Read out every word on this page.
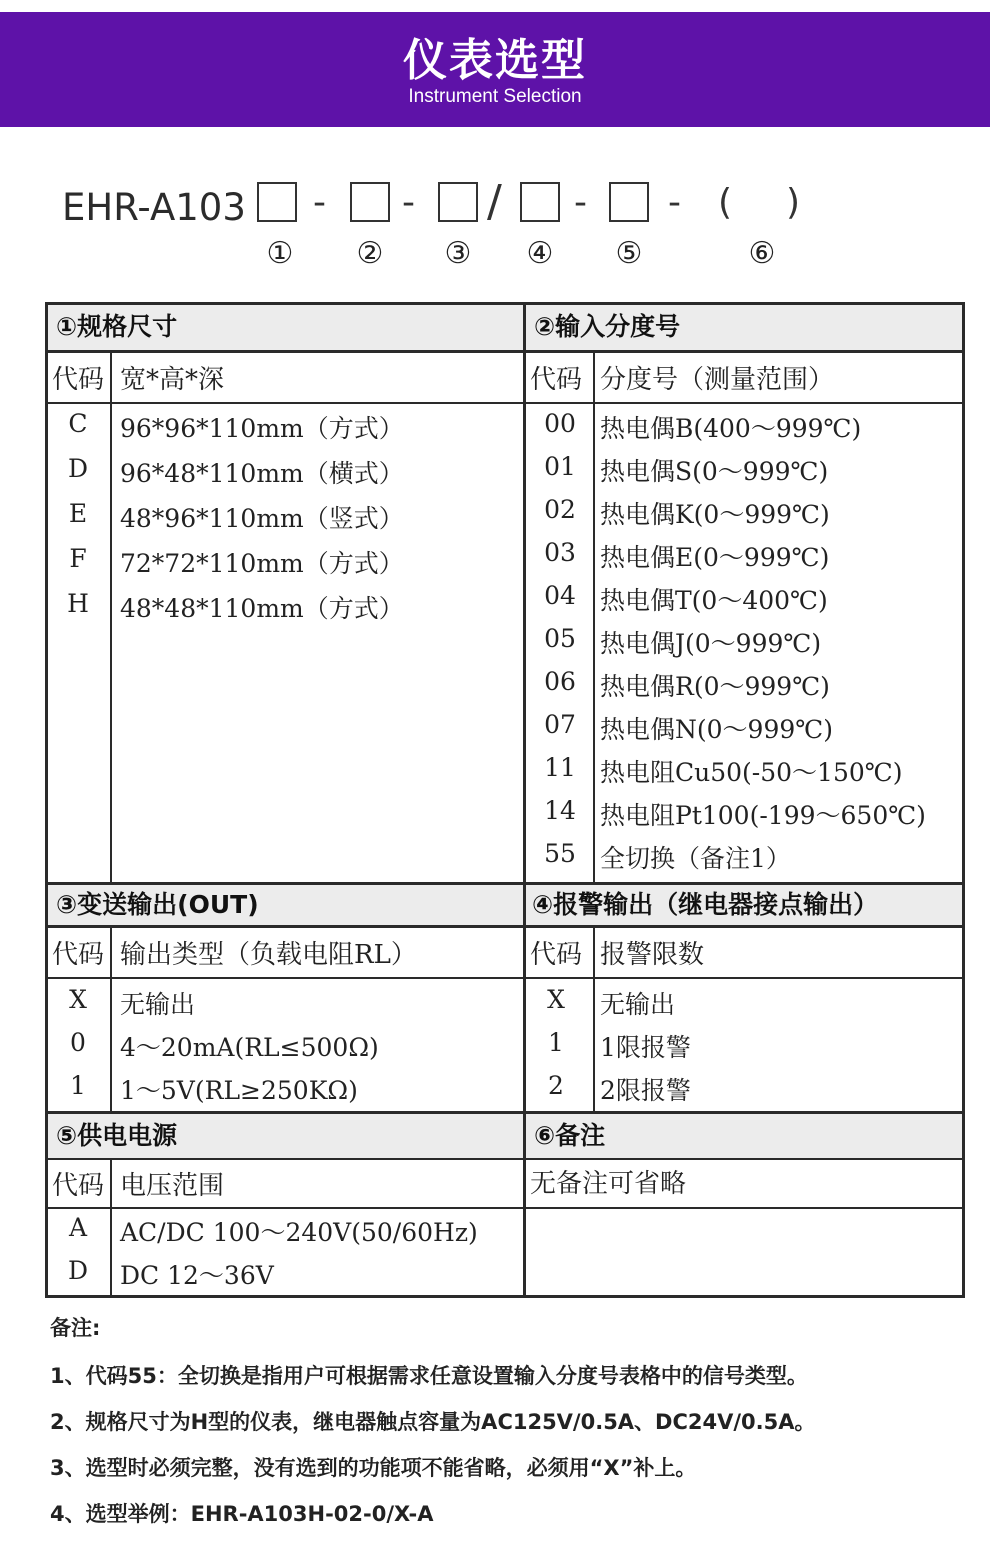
仪表选型
Instrument Selection
EHR-A103 - - / - - ( )
① ② ③ ④ ⑤	⑥
①规格尺寸	②输入分度号
代码 宽*高*深	代码 分度号（测量范围）
C	96*96*110mm（方式）
D	96*48*110mm（横式）
E	48*96*110mm（竖式）
F	72*72*110mm（方式）
H	48*48*110mm（方式）
00 热电偶B(400～999℃)
01 热电偶S(0～999℃)
02 热电偶K(0～999℃)
03 热电偶E(0～999℃)
04 热电偶T(0～400℃)
05 热电偶J(0～999℃)
06 热电偶R(0～999℃)
07 热电偶N(0～999℃)
11 热电阻Cu50(-50～150℃)
14 热电阻Pt100(-199～650℃)
55 全切换（备注1）
③变送输出(OUT)	④报警输出（继电器接点输出）
代码 输出类型（负载电阻RL）	代码 报警限数
X	无输出
0	4～20mA(RL≤500Ω)
1	1～5V(RL≥250KΩ)
X	无输出
1	1限报警
2	2限报警
⑤供电电源	⑥备注
代码 电压范围	无备注可省略
A	AC/DC 100～240V(50/60Hz)
D	DC 12～36V
备注:
1、代码55：全切换是指用户可根据需求任意设置输入分度号表格中的信号类型。
2、规格尺寸为H型的仪表，继电器触点容量为AC125V/0.5A、DC24V/0.5A。
3、选型时必须完整，没有选到的功能项不能省略，必须用“X”补上。
4、选型举例：EHR-A103H-02-0/X-A
